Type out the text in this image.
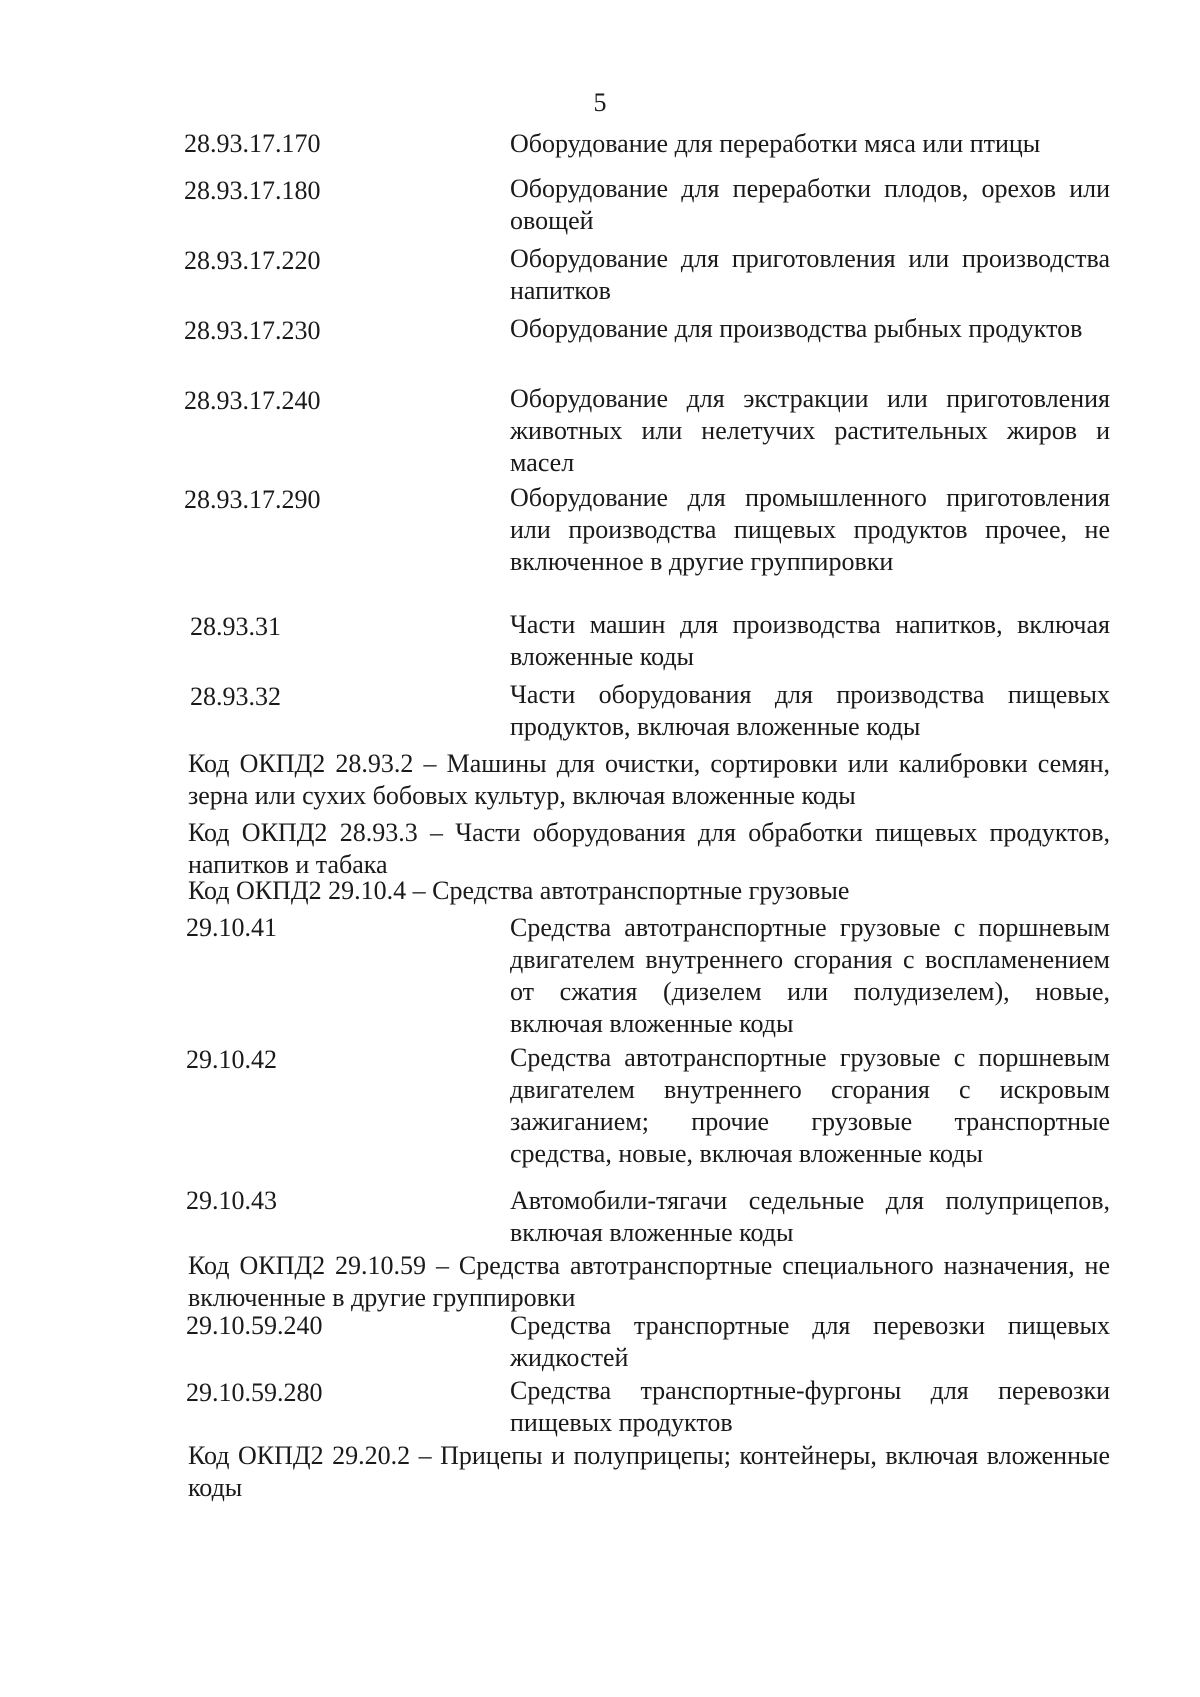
5
28.93.17.170	Оборудование для переработки мяса или птицы
28.93.17.180	Оборудование для переработки плодов, орехов или овощей
28.93.17.220	Оборудование для приготовления или производства напитков
28.93.17.230	Оборудование для производства рыбных продуктов
28.93.17.240	Оборудование для экстракции или приготовления животных или нелетучих растительных жиров и масел
28.93.17.290	Оборудование для промышленного приготовления или производства пищевых продуктов прочее, не включенное в другие группировки
28.93.31	Части машин для производства напитков, включая вложенные коды
28.93.32	Части оборудования для производства пищевых продуктов, включая вложенные коды
Код ОКПД2 28.93.2 – Машины для очистки, сортировки или калибровки семян, зерна или сухих бобовых культур, включая вложенные коды
Код ОКПД2 28.93.3 – Части оборудования для обработки пищевых продуктов, напитков и табака
Код ОКПД2 29.10.4 – Средства автотранспортные грузовые
29.10.41	Средства автотранспортные грузовые с поршневым двигателем внутреннего сгорания с воспламенением от сжатия (дизелем или полудизелем), новые, включая вложенные коды
29.10.42	Средства автотранспортные грузовые с поршневым двигателем внутреннего сгорания с искровым зажиганием; прочие грузовые транспортные средства, новые, включая вложенные коды
29.10.43	Автомобили-тягачи седельные для полуприцепов, включая вложенные коды
Код ОКПД2 29.10.59 – Средства автотранспортные специального назначения, не включенные в другие группировки
29.10.59.240	Средства транспортные для перевозки пищевых жидкостей
29.10.59.280	Средства транспортные-фургоны для перевозки пищевых продуктов
Код ОКПД2 29.20.2 – Прицепы и полуприцепы; контейнеры, включая вложенные коды
